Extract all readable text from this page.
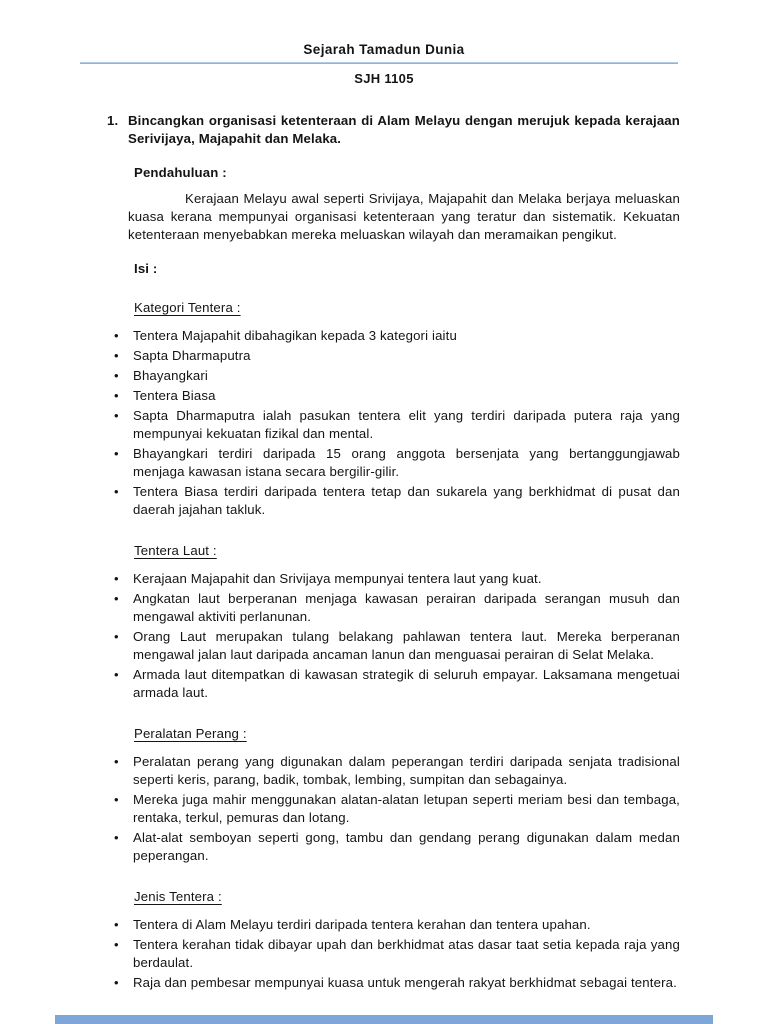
Sejarah Tamadun Dunia
SJH 1105
1. Bincangkan organisasi ketenteraan di Alam Melayu dengan merujuk kepada kerajaan Serivijaya, Majapahit dan Melaka.
Pendahuluan :

Kerajaan Melayu awal seperti Srivijaya, Majapahit dan Melaka berjaya meluaskan kuasa kerana mempunyai organisasi ketenteraan yang teratur dan sistematik. Kekuatan ketenteraan menyebabkan mereka meluaskan wilayah dan meramaikan pengikut.

Isi :
Kategori Tentera :
• Tentera Majapahit dibahagikan kepada 3 kategori iaitu
• Sapta Dharmaputra
• Bhayangkari
• Tentera Biasa
• Sapta Dharmaputra ialah pasukan tentera elit yang terdiri daripada putera raja yang mempunyai kekuatan fizikal dan mental.
• Bhayangkari terdiri daripada 15 orang anggota bersenjata yang bertanggungjawab menjaga kawasan istana secara bergilir-gilir.
• Tentera Biasa terdiri daripada tentera tetap dan sukarela yang berkhidmat di pusat dan daerah jajahan takluk.
Tentera Laut :
• Kerajaan Majapahit dan Srivijaya mempunyai tentera laut yang kuat.
• Angkatan laut berperanan menjaga kawasan perairan daripada serangan musuh dan mengawal aktiviti perlanunan.
• Orang Laut merupakan tulang belakang pahlawan tentera laut. Mereka berperanan mengawal jalan laut daripada ancaman lanun dan menguasai perairan di Selat Melaka.
• Armada laut ditempatkan di kawasan strategik di seluruh empayar. Laksamana mengetuai armada laut.
Peralatan Perang :
• Peralatan perang yang digunakan dalam peperangan terdiri daripada senjata tradisional seperti keris, parang, badik, tombak, lembing, sumpitan dan sebagainya.
• Mereka juga mahir menggunakan alatan-alatan letupan seperti meriam besi dan tembaga, rentaka, terkul, pemuras dan lotang.
• Alat-alat semboyan seperti gong, tambu dan gendang perang digunakan dalam medan peperangan.
Jenis Tentera :
• Tentera di Alam Melayu terdiri daripada tentera kerahan dan tentera upahan.
• Tentera kerahan tidak dibayar upah dan berkhidmat atas dasar taat setia kepada raja yang berdaulat.
• Raja dan pembesar mempunyai kuasa untuk mengerah rakyat berkhidmat sebagai tentera.
